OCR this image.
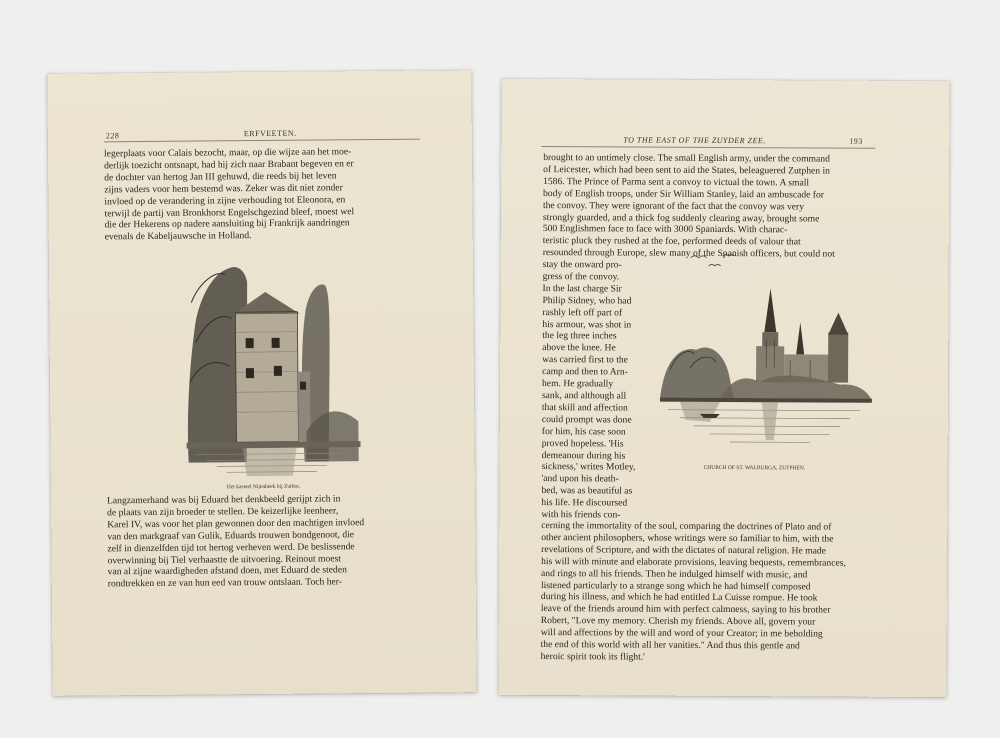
228	ERFVEETEN.
legerplaats voor Calais bezocht, maar, op die wijze aan het moe-
derlijk toezicht ontsnapt, had hij zich naar Brabant begeven en er
de dochter van hertog Jan III gehuwd, die reeds bij het leven
zijns vaders voor hem bestemd was. Zeker was dit niet zonder
invloed op de verandering in zijne verhouding tot Eleonora, en
terwijl de partij van Bronkhorst Engelschgezind bleef, moest wel
die der Hekerens op nadere aansluiting bij Frankrijk aandringen
evenals de Kabeljauwsche in Holland.
Het kasteel Nijenbeek bij Zutfen.
Langzamerhand was bij Eduard het denkbeeld gerijpt zich in
de plaats van zijn broeder te stellen. De keizerlijke leenheer,
Karel IV, was voor het plan gewonnen door den machtigen invloed
van den markgraaf van Gulik, Eduards trouwen bondgenoot, die
zelf in dienzelfden tijd tot hertog verheven werd. De beslissende
overwinning bij Tiel verhaastte de uitvoering. Reinout moest
van al zijne waardigheden afstand doen, met Eduard de steden
rondtrekken en ze van hun eed van trouw ontslaan. Toch her-
TO THE EAST OF THE ZUYDER ZEE.	193
brought to an untimely close. The small English army, under the command
of Leicester, which had been sent to aid the States, beleaguered Zutphen in
1586. The Prince of Parma sent a convoy to victual the town. A small
body of English troops, under Sir William Stanley, laid an ambuscade for
the convoy. They were ignorant of the fact that the convoy was very
strongly guarded, and a thick fog suddenly clearing away, brought some
500 Englishmen face to face with 3000 Spaniards. With charac-
teristic pluck they rushed at the foe, performed deeds of valour that
resounded through Europe, slew many of the Spanish officers, but could not
stay the onward pro-
gress of the convoy.
In the last charge Sir
Philip Sidney, who had
rashly left off part of
his armour, was shot in
the leg three inches
above the knee. He
was carried first to the
camp and then to Arn-
hem. He gradually
sank, and although all
that skill and affection
could prompt was done
for him, his case soon
proved hopeless. 'His
demeanour during his
sickness,' writes Motley,
'and upon his death-
bed, was as beautiful as
his life. He discoursed
with his friends con-
CHURCH OF ST. WALBURGA, ZUTPHEN.
cerning the immortality of the soul, comparing the doctrines of Plato and of
other ancient philosophers, whose writings were so familiar to him, with the
revelations of Scripture, and with the dictates of natural religion. He made
his will with minute and elaborate provisions, leaving bequests, remembrances,
and rings to all his friends. Then he indulged himself with music, and
listened particularly to a strange song which he had himself composed
during his illness, and which he had entitled La Cuisse rompue. He took
leave of the friends around him with perfect calmness, saying to his brother
Robert, "Love my memory. Cherish my friends. Above all, govern your
will and affections by the will and word of your Creator; in me beholding
the end of this world with all her vanities." And thus this gentle and
heroic spirit took its flight.'
